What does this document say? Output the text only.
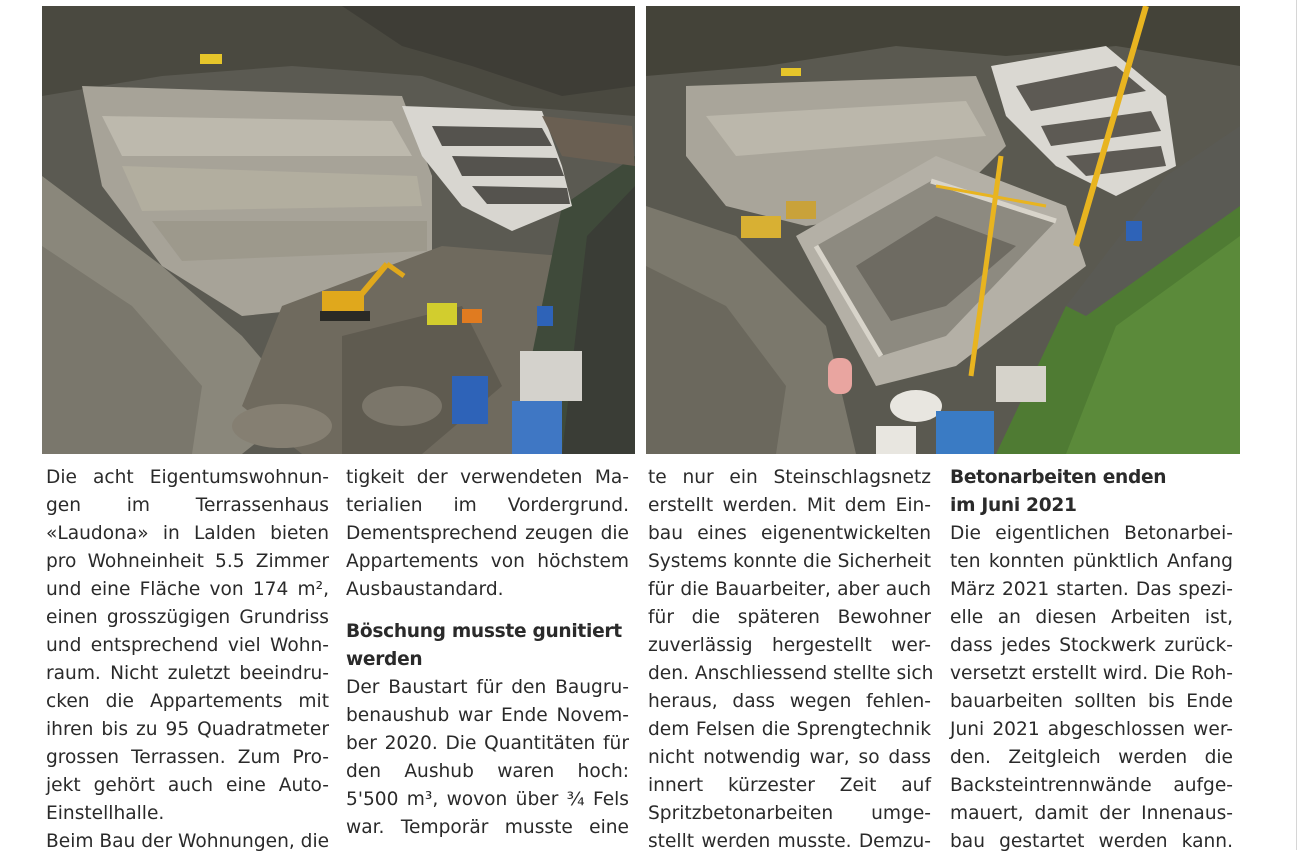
Die acht Eigentumswohnun-
gen im Terrassenhaus
«Laudona» in Lalden bieten
pro Wohneinheit 5.5 Zimmer
und eine Fläche von 174 m²,
einen grosszügigen Grundriss
und entsprechend viel Wohn-
raum. Nicht zuletzt beeindru-
cken die Appartements mit
ihren bis zu 95 Quadratmeter
grossen Terrassen. Zum Pro-
jekt gehört auch eine Auto-
Einstellhalle.
Beim Bau der Wohnungen, die
tigkeit der verwendeten Ma-
terialien im Vordergrund.
Dementsprechend zeugen die
Appartements von höchstem
Ausbaustandard.
Böschung musste gunitiert
werden
Der Baustart für den Baugru-
benaushub war Ende Novem-
ber 2020. Die Quantitäten für
den Aushub waren hoch:
5'500 m³, wovon über ¾ Fels
war. Temporär musste eine
te nur ein Steinschlagsnetz
erstellt werden. Mit dem Ein-
bau eines eigenentwickelten
Systems konnte die Sicherheit
für die Bauarbeiter, aber auch
für die späteren Bewohner
zuverlässig hergestellt wer-
den. Anschliessend stellte sich
heraus, dass wegen fehlen-
dem Felsen die Sprengtechnik
nicht notwendig war, so dass
innert kürzester Zeit auf
Spritzbetonarbeiten umge-
stellt werden musste. Demzu-
Betonarbeiten enden
im Juni 2021
Die eigentlichen Betonarbei-
ten konnten pünktlich Anfang
März 2021 starten. Das spezi-
elle an diesen Arbeiten ist,
dass jedes Stockwerk zurück-
versetzt erstellt wird. Die Roh-
bauarbeiten sollten bis Ende
Juni 2021 abgeschlossen wer-
den. Zeitgleich werden die
Backsteintrennwände aufge-
mauert, damit der Innenaus-
bau gestartet werden kann.
